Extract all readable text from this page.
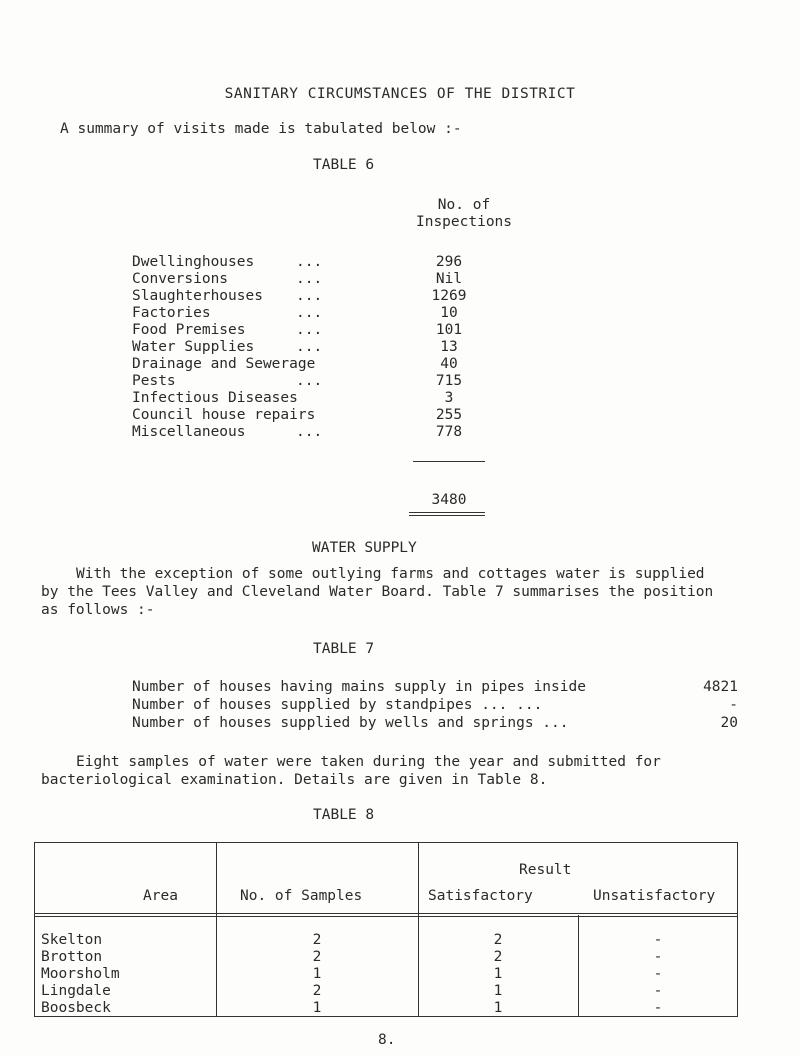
SANITARY CIRCUMSTANCES OF THE DISTRICT
A summary of visits made is tabulated below :-
TABLE 6
No. of
Inspections
Dwellinghouses	...	296
Conversions	...	Nil
Slaughterhouses ...	1269
Factories	...	10
Food Premises	...	101
Water Supplies	...	13
Drainage and Sewerage	40
Pests	...	715
Infectious Diseases	3
Council house repairs	255
Miscellaneous	...	778
3480
WATER SUPPLY
With the exception of some outlying farms and cottages water is supplied
by the Tees Valley and Cleveland Water Board. Table 7 summarises the position
as follows :-
TABLE 7
Number of houses having mains supply in pipes inside	4821
Number of houses supplied by standpipes ... ...	-
Number of houses supplied by wells and springs ...	20
Eight samples of water were taken during the year and submitted for
bacteriological examination. Details are given in Table 8.
TABLE 8
Result
Area	No. of Samples	Satisfactory	Unsatisfactory
Skelton	2	2	-
Brotton	2	2	-
Moorsholm	1	1	-
Lingdale	2	1	-
Boosbeck	1	1	-
8.
